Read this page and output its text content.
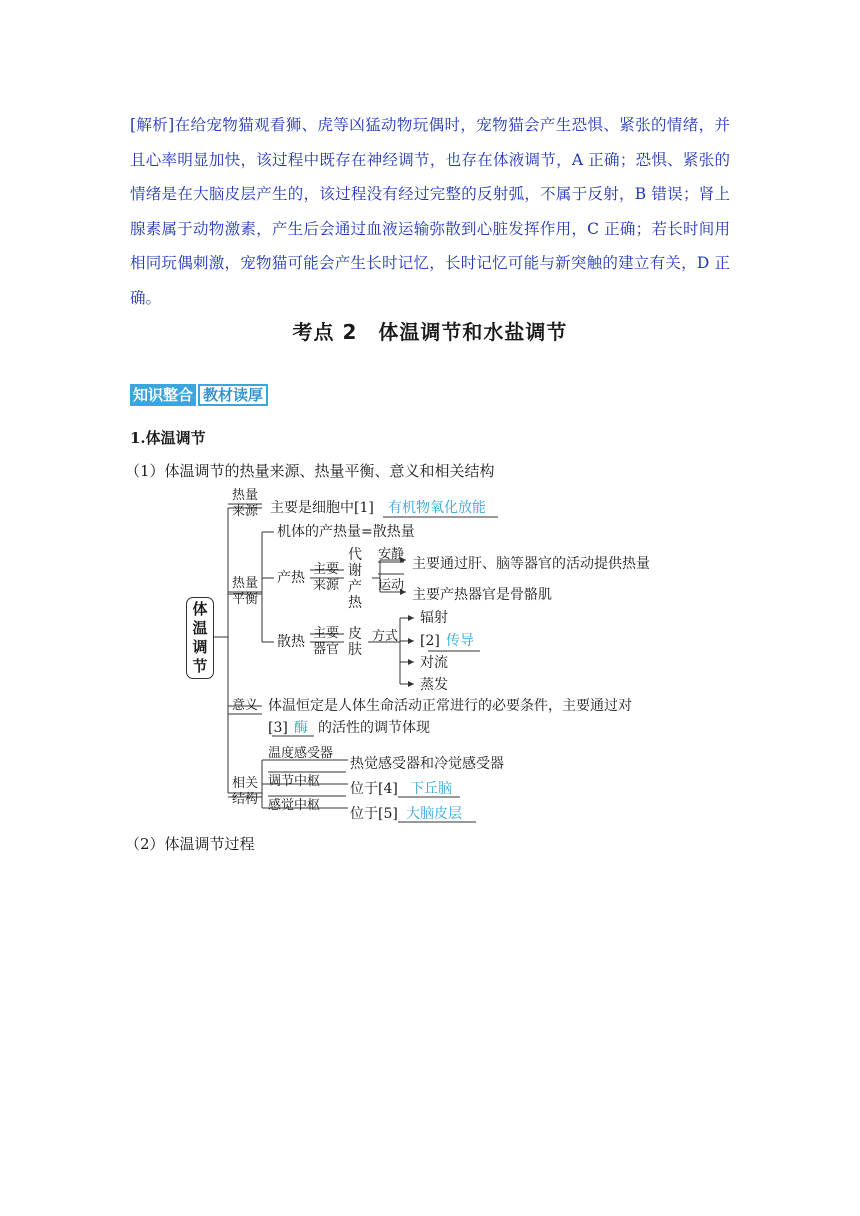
[解析]在给宠物猫观看狮、虎等凶猛动物玩偶时，宠物猫会产生恐惧、紧张的情绪，并且心率明显加快，该过程中既存在神经调节，也存在体液调节，A 正确；恐惧、紧张的情绪是在大脑皮层产生的，该过程没有经过完整的反射弧，不属于反射，B 错误；肾上腺素属于动物激素，产生后会通过血液运输弥散到心脏发挥作用，C 正确；若长时间用相同玩偶刺激，宠物猫可能会产生长时记忆，长时记忆可能与新突触的建立有关，D 正确。
考点 2　体温调节和水盐调节
知识整合 教材读厚
1.体温调节
（1）体温调节的热量来源、热量平衡、意义和相关结构
体
温
调
节
热量
来源 主要是细胞中[1] 有机物氧化放能
热量
平衡
机体的产热量=散热量
产热
主要
来源
代
谢
产
热
安静
主要通过肝、脑等器官的活动提供热量
运动
主要产热器官是骨骼肌
散热
主要
器官
皮
肤
方式
辐射
[2] 传导
对流
蒸发
意义 体温恒定是人体生命活动正常进行的必要条件，主要通过对
[3] 酶 的活性的调节体现
相关
结构
温度感受器
热觉感受器和冷觉感受器
调节中枢 位于[4] 下丘脑
感觉中枢
位于[5] 大脑皮层
（2）体温调节过程
